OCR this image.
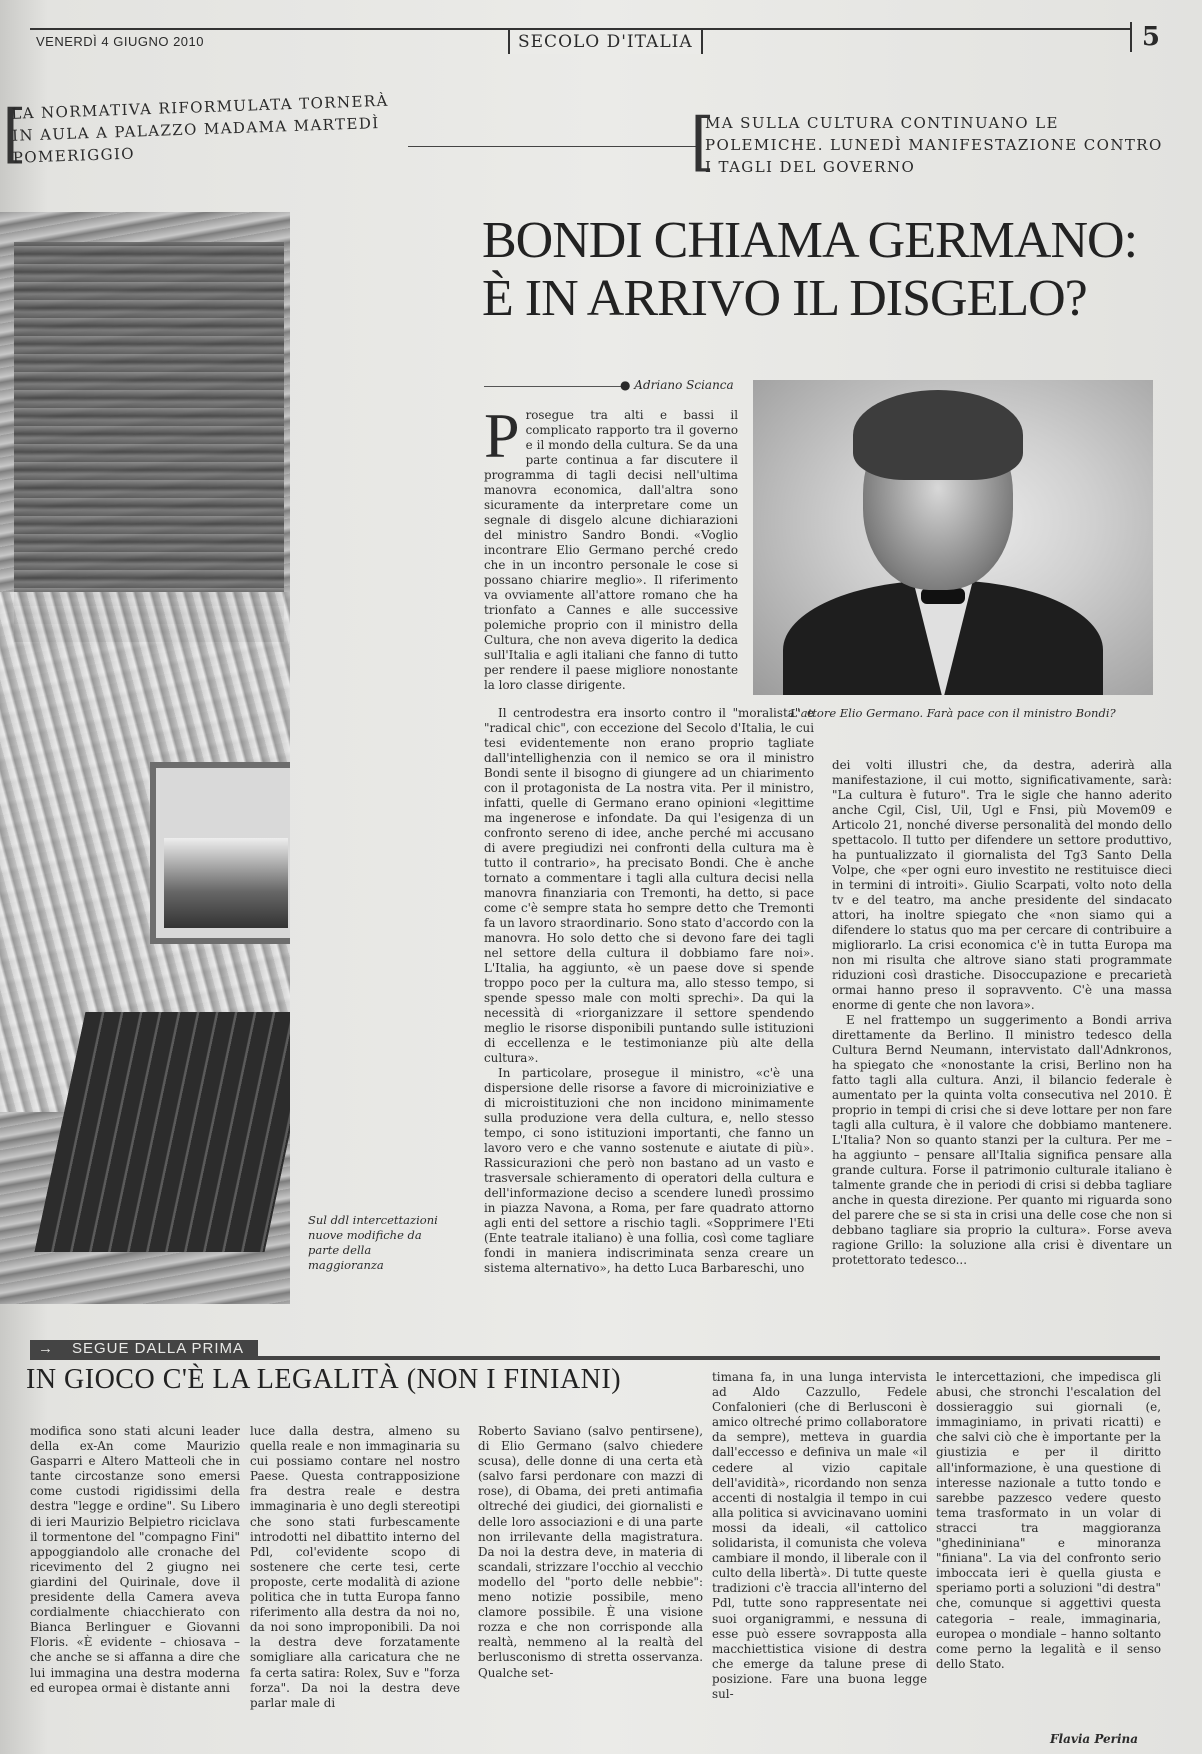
VENERDÌ 4 GIUGNO 2010	SECOLO D'ITALIA	5
[
LA NORMATIVA RIFORMULATA TORNERÀ IN AULA A PALAZZO MADAMA MARTEDÌ POMERIGGIO	[
MA SULLA CULTURA CONTINUANO LE POLEMICHE. LUNEDÌ MANIFESTAZIONE CONTRO I TAGLI DEL GOVERNO
Sul ddl intercettazioni nuove modifiche da parte della maggioranza
BONDI CHIAMA GERMANO:
È IN ARRIVO IL DISGELO?
● Adriano Scianca
L'attore Elio Germano. Farà pace con il ministro Bondi?

Prosegue tra alti e bassi il complicato rapporto tra il governo e il mondo della cultura. Se da una parte continua a far discutere il programma di tagli decisi nell'ultima manovra economica, dall'altra sono sicuramente da interpretare come un segnale di disgelo alcune dichiarazioni del ministro Sandro Bondi. «Voglio incontrare Elio Germano perché credo che in un incontro personale le cose si possano chiarire meglio». Il riferimento va ovviamente all'attore romano che ha trionfato a Cannes e alle successive polemiche proprio con il ministro della Cultura, che non aveva digerito la dedica sull'Italia e agli italiani che fanno di tutto per rendere il paese migliore nonostante la loro classe dirigente.

Il centrodestra era insorto contro il "moralista" e "radical chic", con eccezione del Secolo d'Italia, le cui tesi evidentemente non erano proprio tagliate dall'intellighenzia con il nemico se ora il ministro Bondi sente il bisogno di giungere ad un chiarimento con il protagonista de La nostra vita. Per il ministro, infatti, quelle di Germano erano opinioni «legittime ma ingenerose e infondate. Da qui l'esigenza di un confronto sereno di idee, anche perché mi accusano di avere pregiudizi nei confronti della cultura ma è tutto il contrario», ha precisato Bondi. Che è anche tornato a commentare i tagli alla cultura decisi nella manovra finanziaria con Tremonti, ha detto, si pace come c'è sempre stata ho sempre detto che Tremonti fa un lavoro straordinario. Sono stato d'accordo con la manovra. Ho solo detto che si devono fare dei tagli nel settore della cultura il dobbiamo fare noi». L'Italia, ha aggiunto, «è un paese dove si spende troppo poco per la cultura ma, allo stesso tempo, si spende spesso male con molti sprechi». Da qui la necessità di «riorganizzare il settore spendendo meglio le risorse disponibili puntando sulle istituzioni di eccellenza e le testimonianze più alte della cultura».

In particolare, prosegue il ministro, «c'è una dispersione delle risorse a favore di microiniziative e di microistituzioni che non incidono minimamente sulla produzione vera della cultura, e, nello stesso tempo, ci sono istituzioni importanti, che fanno un lavoro vero e che vanno sostenute e aiutate di più». Rassicurazioni che però non bastano ad un vasto e trasversale schieramento di operatori della cultura e dell'informazione deciso a scendere lunedì prossimo in piazza Navona, a Roma, per fare quadrato attorno agli enti del settore a rischio tagli. «Sopprimere l'Eti (Ente teatrale italiano) è una follia, così come tagliare fondi in maniera indiscriminata senza creare un sistema alternativo», ha detto Luca Barbareschi, uno

dei volti illustri che, da destra, aderirà alla manifestazione, il cui motto, significativamente, sarà: "La cultura è futuro". Tra le sigle che hanno aderito anche Cgil, Cisl, Uil, Ugl e Fnsi, più Movem09 e Articolo 21, nonché diverse personalità del mondo dello spettacolo. Il tutto per difendere un settore produttivo, ha puntualizzato il giornalista del Tg3 Santo Della Volpe, che «per ogni euro investito ne restituisce dieci in termini di introiti». Giulio Scarpati, volto noto della tv e del teatro, ma anche presidente del sindacato attori, ha inoltre spiegato che «non siamo qui a difendere lo status quo ma per cercare di contribuire a migliorarlo. La crisi economica c'è in tutta Europa ma non mi risulta che altrove siano stati programmate riduzioni così drastiche. Disoccupazione e precarietà ormai hanno preso il sopravvento. C'è una massa enorme di gente che non lavora».

E nel frattempo un suggerimento a Bondi arriva direttamente da Berlino. Il ministro tedesco della Cultura Bernd Neumann, intervistato dall'Adnkronos, ha spiegato che «nonostante la crisi, Berlino non ha fatto tagli alla cultura. Anzi, il bilancio federale è aumentato per la quinta volta consecutiva nel 2010. È proprio in tempi di crisi che si deve lottare per non fare tagli alla cultura, è il valore che dobbiamo mantenere. L'Italia? Non so quanto stanzi per la cultura. Per me – ha aggiunto – pensare all'Italia significa pensare alla grande cultura. Forse il patrimonio culturale italiano è talmente grande che in periodi di crisi si debba tagliare anche in questa direzione. Per quanto mi riguarda sono del parere che se si sta in crisi una delle cose che non si debbano tagliare sia proprio la cultura». Forse aveva ragione Grillo: la soluzione alla crisi è diventare un protettorato tedesco...

→ SEGUE DALLA PRIMA
IN GIOCO C'È LA LEGALITÀ (NON I FINIANI)
modifica sono stati alcuni leader della ex-An come Maurizio Gasparri e Altero Matteoli che in tante circostanze sono emersi come custodi rigidissimi della destra "legge e ordine". Su Libero di ieri Maurizio Belpietro riciclava il tormentone del "compagno Fini" appoggiandolo alle cronache del ricevimento del 2 giugno nei giardini del Quirinale, dove il presidente della Camera aveva cordialmente chiacchierato con Bianca Berlinguer e Giovanni Floris. «È evidente – chiosava – che anche se si affanna a dire che lui immagina una destra moderna ed europea ormai è distante anni
luce dalla destra, almeno su quella reale e non immaginaria su cui possiamo contare nel nostro Paese. Questa contrapposizione fra destra reale e destra immaginaria è uno degli stereotipi che sono stati furbescamente introdotti nel dibattito interno del Pdl, col'evidente scopo di sostenere che certe tesi, certe proposte, certe modalità di azione politica che in tutta Europa fanno riferimento alla destra da noi no, da noi sono improponibili. Da noi la destra deve forzatamente somigliare alla caricatura che ne fa certa satira: Rolex, Suv e "forza forza". Da noi la destra deve parlar male di
Roberto Saviano (salvo pentirsene), di Elio Germano (salvo chiedere scusa), delle donne di una certa età (salvo farsi perdonare con mazzi di rose), di Obama, dei preti antimafia oltreché dei giudici, dei giornalisti e delle loro associazioni e di una parte non irrilevante della magistratura. Da noi la destra deve, in materia di scandali, strizzare l'occhio al vecchio modello del "porto delle nebbie": meno notizie possibile, meno clamore possibile. È una visione rozza e che non corrisponde alla realtà, nemmeno al la realtà del berlusconismo di stretta osservanza. Qualche set-
timana fa, in una lunga intervista ad Aldo Cazzullo, Fedele Confalonieri (che di Berlusconi è amico oltreché primo collaboratore da sempre), metteva in guardia dall'eccesso e definiva un male «il cedere al vizio capitale dell'avidità», ricordando non senza accenti di nostalgia il tempo in cui alla politica si avvicinavano uomini mossi da ideali, «il cattolico solidarista, il comunista che voleva cambiare il mondo, il liberale con il culto della libertà». Di tutte queste tradizioni c'è traccia all'interno del Pdl, tutte sono rappresentate nei suoi organigrammi, e nessuna di esse può essere sovrapposta alla macchiettistica visione di destra che emerge da talune prese di posizione. Fare una buona legge sul-
le intercettazioni, che impedisca gli abusi, che stronchi l'escalation del dossieraggio sui giornali (e, immaginiamo, in privati ricatti) e che salvi ciò che è importante per la giustizia e per il diritto all'informazione, è una questione di interesse nazionale a tutto tondo e sarebbe pazzesco vedere questo tema trasformato in un volar di stracci tra maggioranza "ghedininiana" e minoranza "finiana". La via del confronto serio imboccata ieri è quella giusta e speriamo porti a soluzioni "di destra" che, comunque si aggettivi questa categoria – reale, immaginaria, europea o mondiale – hanno soltanto come perno la legalità e il senso dello Stato.
Flavia Perina
